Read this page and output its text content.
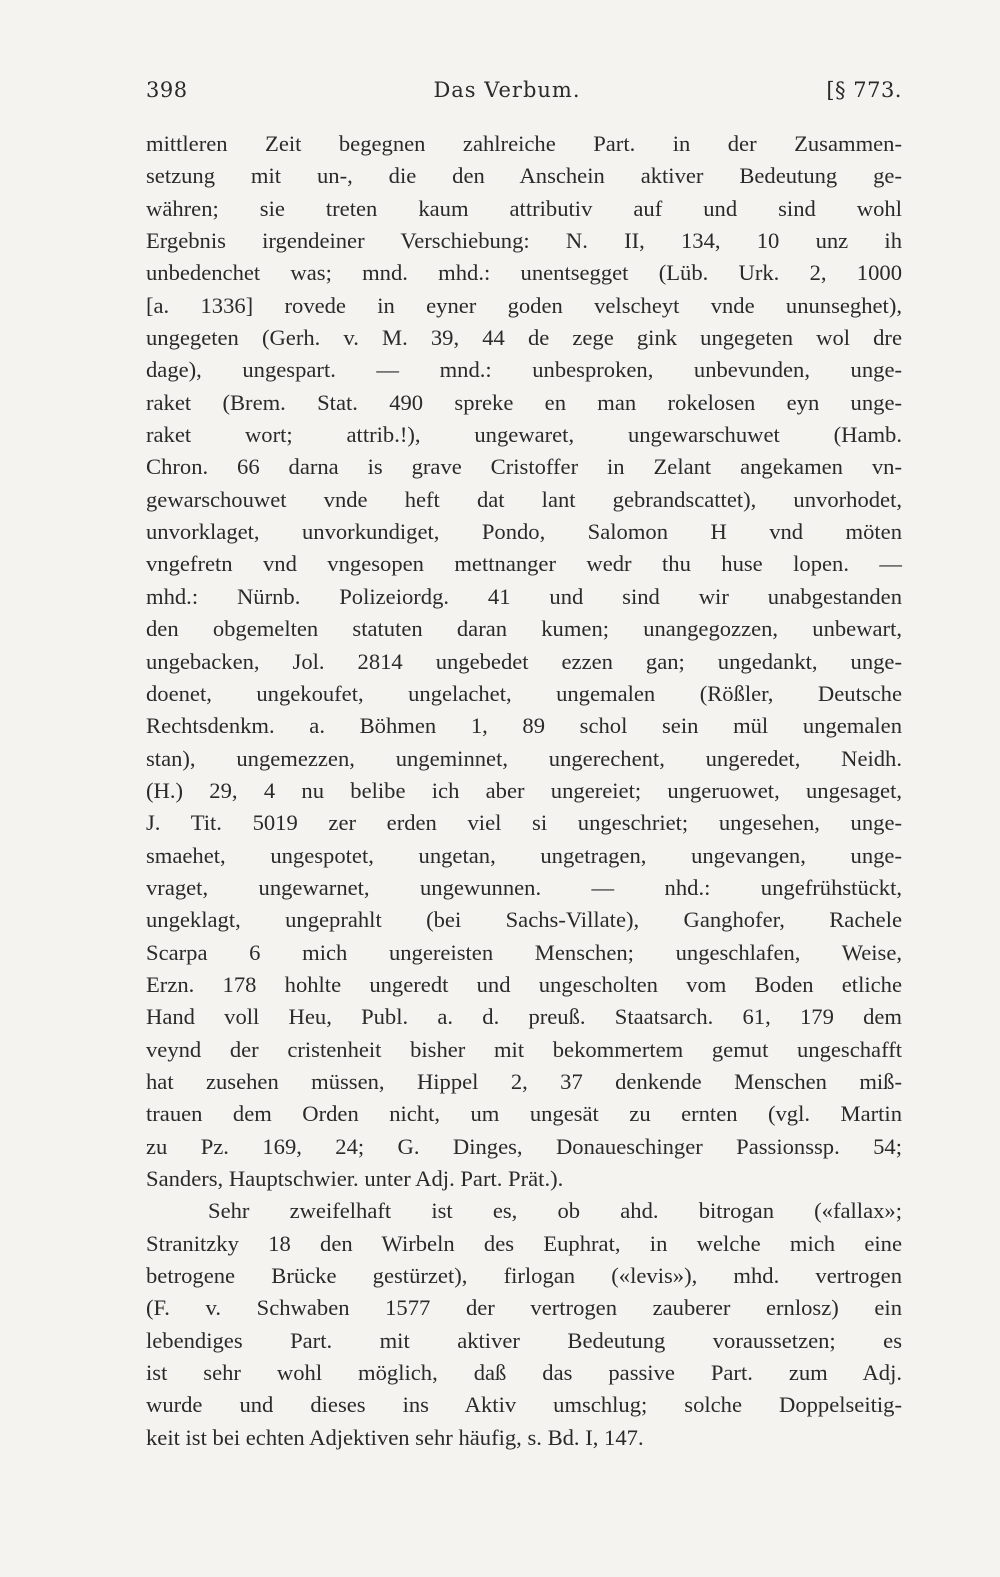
398	Das Verbum.	[§ 773.
mittleren Zeit begegnen zahlreiche Part. in der Zusammen-
setzung mit un-, die den Anschein aktiver Bedeutung ge-
währen; sie treten kaum attributiv auf und sind wohl
Ergebnis irgendeiner Verschiebung: N. II, 134, 10 unz ih
unbedenchet was; mnd. mhd.: unentsegget (Lüb. Urk. 2, 1000
[a. 1336] rovede in eyner goden velscheyt vnde ununseghet),
ungegeten (Gerh. v. M. 39, 44 de zege gink ungegeten wol dre
dage), ungespart. — mnd.: unbesproken, unbevunden, unge-
raket (Brem. Stat. 490 spreke en man rokelosen eyn unge-
raket wort; attrib.!), ungewaret, ungewarschuwet (Hamb.
Chron. 66 darna is grave Cristoffer in Zelant angekamen vn-
gewarschouwet vnde heft dat lant gebrandscattet), unvorhodet,
unvorklaget, unvorkundiget, Pondo, Salomon H vnd möten
vngefretn vnd vngesopen mettnanger wedr thu huse lopen. —
mhd.: Nürnb. Polizeiordg. 41 und sind wir unabgestanden
den obgemelten statuten daran kumen; unangegozzen, unbewart,
ungebacken, Jol. 2814 ungebedet ezzen gan; ungedankt, unge-
doenet, ungekoufet, ungelachet, ungemalen (Rößler, Deutsche
Rechtsdenkm. a. Böhmen 1, 89 schol sein mül ungemalen
stan), ungemezzen, ungeminnet, ungerechent, ungeredet, Neidh.
(H.) 29, 4 nu belibe ich aber ungereiet; ungeruowet, ungesaget,
J. Tit. 5019 zer erden viel si ungeschriet; ungesehen, unge-
smaehet, ungespotet, ungetan, ungetragen, ungevangen, unge-
vraget, ungewarnet, ungewunnen. — nhd.: ungefrühstückt,
ungeklagt, ungeprahlt (bei Sachs-Villate), Ganghofer, Rachele
Scarpa 6 mich ungereisten Menschen; ungeschlafen, Weise,
Erzn. 178 hohlte ungeredt und ungescholten vom Boden etliche
Hand voll Heu, Publ. a. d. preuß. Staatsarch. 61, 179 dem
veynd der cristenheit bisher mit bekommertem gemut ungeschafft
hat zusehen müssen, Hippel 2, 37 denkende Menschen miß-
trauen dem Orden nicht, um ungesät zu ernten (vgl. Martin
zu Pz. 169, 24; G. Dinges, Donaueschinger Passionssp. 54;
Sanders, Hauptschwier. unter Adj. Part. Prät.).
Sehr zweifelhaft ist es, ob ahd. bitrogan («fallax»;
Stranitzky 18 den Wirbeln des Euphrat, in welche mich eine
betrogene Brücke gestürzet), firlogan («levis»), mhd. vertrogen
(F. v. Schwaben 1577 der vertrogen zauberer ernlosz) ein
lebendiges Part. mit aktiver Bedeutung voraussetzen; es
ist sehr wohl möglich, daß das passive Part. zum Adj.
wurde und dieses ins Aktiv umschlug; solche Doppelseitig-
keit ist bei echten Adjektiven sehr häufig, s. Bd. I, 147.
